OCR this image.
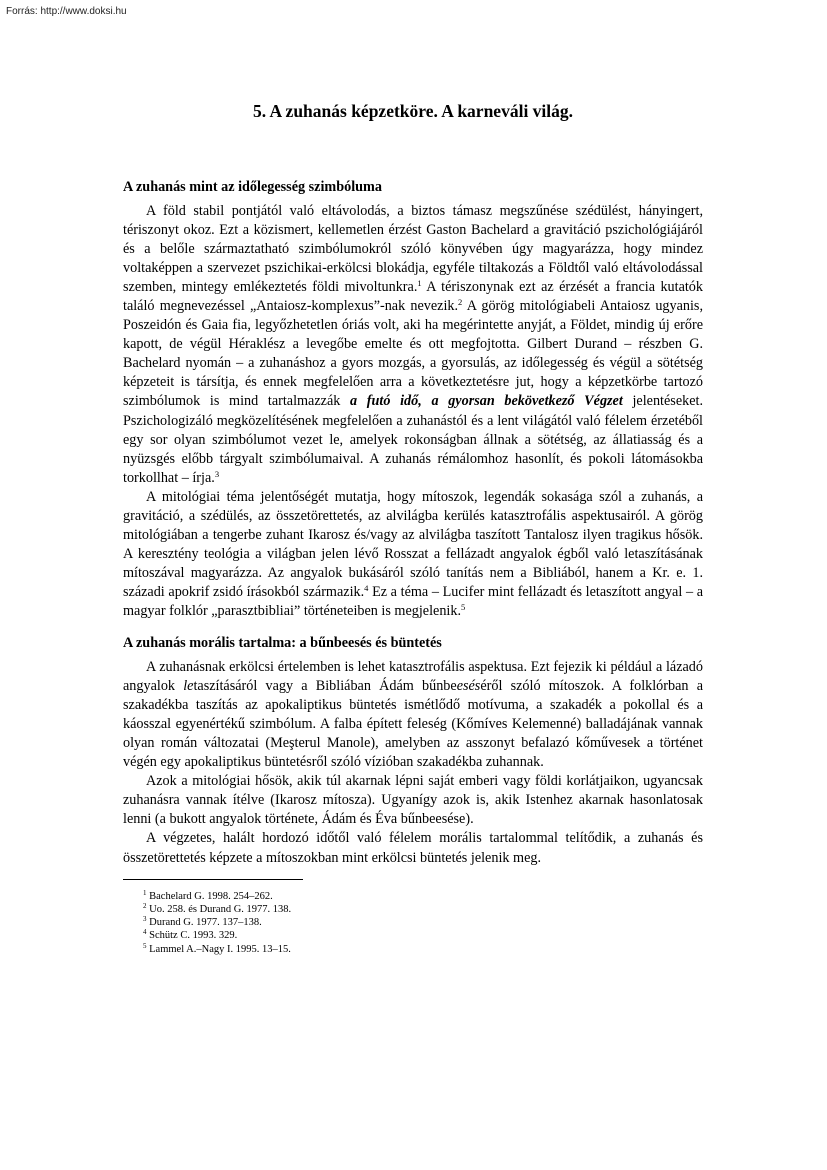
Forrás: http://www.doksi.hu
5. A zuhanás képzetköre. A karneváli világ.
A zuhanás mint az időlegesség szimbóluma

A föld stabil pontjától való eltávolodás, a biztos támasz megszűnése szédülést, hányingert, tériszonyt okoz. Ezt a közismert, kellemetlen érzést Gaston Bachelard a gravitáció pszichológiájáról és a belőle származtatható szimbólumokról szóló könyvében úgy magyarázza, hogy mindez voltaképpen a szervezet pszichikai-erkölcsi blokádja, egyféle tiltakozás a Földtől való eltávolodással szemben, mintegy emlékeztetés földi mivoltunkra.$^1$ A tériszonynak ezt az érzését a francia kutatók találó megnevezéssel „Antaiosz-komplexus”-nak nevezik.$^2$ A görög mitológiabeli Antaiosz ugyanis, Poszeidón és Gaia fia, legyőzhetetlen óriás volt, aki ha megérintette anyját, a Földet, mindig új erőre kapott, de végül Héraklész a levegőbe emelte és ott megfojtotta. Gilbert Durand – részben G. Bachelard nyomán – a zuhanáshoz a gyors mozgás, a gyorsulás, az időlegesség és végül a sötétség képzeteit is társítja, és ennek megfelelően arra a következtetésre jut, hogy a képzetkörbe tartozó szimbólumok is mind tartalmazzák a futó idő, a gyorsan bekövetkező Végzet jelentéseket. Pszichologizáló megközelítésének megfelelően a zuhanástól és a lent világától való félelem érzetéből egy sor olyan szimbólumot vezet le, amelyek rokonságban állnak a sötétség, az állatiasság és a nyüzsgés előbb tárgyalt szimbólumaival. A zuhanás rémálomhoz hasonlít, és pokoli látomásokba torkollhat – írja.$^3$

A mitológiai téma jelentőségét mutatja, hogy mítoszok, legendák sokasága szól a zuhanás, a gravitáció, a szédülés, az összetörettetés, az alvilágba kerülés katasztrofális aspektusairól. A görög mitológiában a tengerbe zuhant Ikarosz és/vagy az alvilágba taszított Tantalosz ilyen tragikus hősök. A keresztény teológia a világban jelen lévő Rosszat a fellázadt angyalok égből való letaszításának mítoszával magyarázza. Az angyalok bukásáról szóló tanítás nem a Bibliából, hanem a Kr. e. 1. századi apokrif zsidó írásokból származik.$^4$ Ez a téma – Lucifer mint fellázadt és letaszított angyal – a magyar folklór „parasztbibliai” történeteiben is megjelenik.$^5$

A zuhanás morális tartalma: a bűnbeesés és büntetés

A zuhanásnak erkölcsi értelemben is lehet katasztrofális aspektusa. Ezt fejezik ki például a lázadó angyalok letaszításáról vagy a Bibliában Ádám bűnbeeséséről szóló mítoszok. A folklórban a szakadékba taszítás az apokaliptikus büntetés ismétlődő motívuma, a szakadék a pokollal és a káosszal egyenértékű szimbólum. A falba épített feleség (Kőmíves Kelemenné) balladájának vannak olyan román változatai (Meşterul Manole), amelyben az asszonyt befalazó kőművesek a történet végén egy apokaliptikus büntetésről szóló vízióban szakadékba zuhannak.

Azok a mitológiai hősök, akik túl akarnak lépni saját emberi vagy földi korlátjaikon, ugyancsak zuhanásra vannak ítélve (Ikarosz mítosza). Ugyanígy azok is, akik Istenhez akarnak hasonlatosak lenni (a bukott angyalok története, Ádám és Éva bűnbeesése).

A végzetes, halált hordozó időtől való félelem morális tartalommal telítődik, a zuhanás és összetörettetés képzete a mítoszokban mint erkölcsi büntetés jelenik meg.

$^1$ Bachelard G. 1998. 254–262.
$^2$ Uo. 258. és Durand G. 1977. 138.
$^3$ Durand G. 1977. 137–138.
$^4$ Schütz C. 1993. 329.
$^5$ Lammel A.–Nagy I. 1995. 13–15.
